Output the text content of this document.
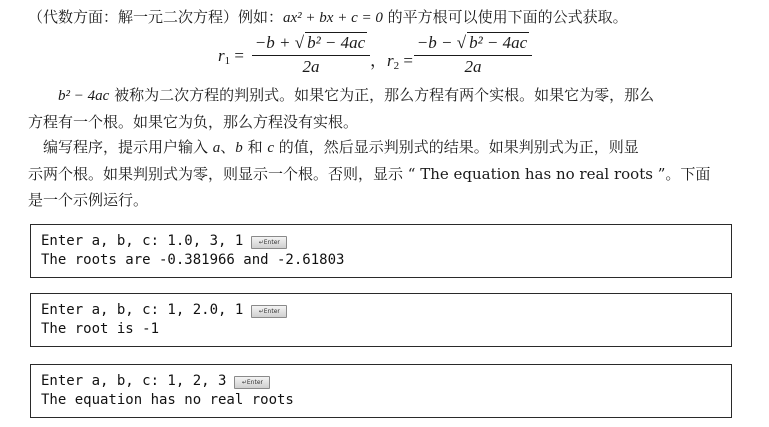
（代数方面：解一元二次方程）例如：ax² + bx + c = 0 的平方根可以使用下面的公式获取。
$r_1$ =
−b + √ b² − 4ac
2a	，$r_2$ =
−b − √ b² − 4ac
2a
　　b² − 4ac 被称为二次方程的判别式。如果它为正，那么方程有两个实根。如果它为零，那么
方程有一个根。如果它为负，那么方程没有实根。
　编写程序，提示用户输入 a、b 和 c 的值，然后显示判别式的结果。如果判别式为正，则显
示两个根。如果判别式为零，则显示一个根。否则，显示 “ The equation has no real roots ”。下面
是一个示例运行。
Enter a, b, c: 1.0, 3, 1	↵Enter
The roots are -0.381966 and -2.61803
Enter a, b, c: 1, 2.0, 1	↵Enter
The root is -1
Enter a, b, c: 1, 2, 3	↵Enter
The equation has no real roots
